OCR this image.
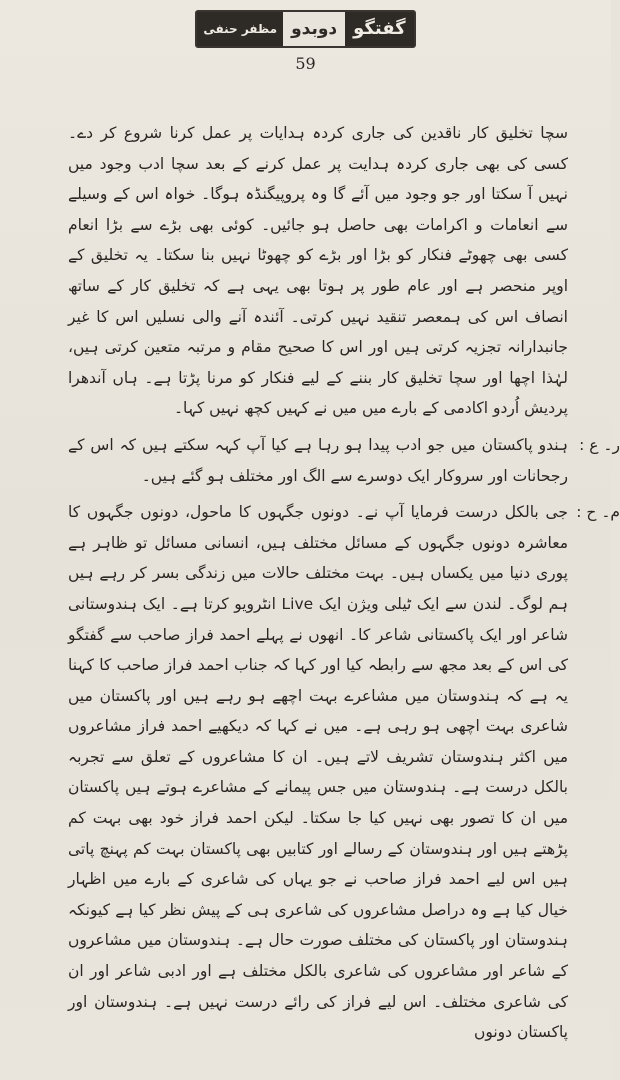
گفتگو
دوبدو
مظفر حنفی
59

سچا تخلیق کار ناقدین کی جاری کردہ ہدایات پر عمل کرنا شروع کر دے۔ کسی کی بھی جاری کردہ ہدایت پر عمل کرنے کے بعد سچا ادب وجود میں نہیں آ سکتا اور جو وجود میں آئے گا وہ پروپیگنڈہ ہوگا۔ خواہ اس کے وسیلے سے انعامات و اکرامات بھی حاصل ہو جائیں۔ کوئی بھی بڑے سے بڑا انعام کسی بھی چھوٹے فنکار کو بڑا اور بڑے کو چھوٹا نہیں بنا سکتا۔ یہ تخلیق کے اوپر منحصر ہے اور عام طور پر ہوتا بھی یہی ہے کہ تخلیق کار کے ساتھ انصاف اس کی ہمعصر تنقید نہیں کرتی۔ آئندہ آنے والی نسلیں اس کا غیر جانبدارانہ تجزیہ کرتی ہیں اور اس کا صحیح مقام و مرتبہ متعین کرتی ہیں، لہٰذا اچھا اور سچا تخلیق کار بننے کے لیے فنکار کو مرنا پڑتا ہے۔ ہاں آندھرا پردیش اُردو اکادمی کے بارے میں میں نے کہیں کچھ نہیں کہا۔

ر۔ ع :

ہندو پاکستان میں جو ادب پیدا ہو رہا ہے کیا آپ کہہ سکتے ہیں کہ اس کے رجحانات اور سروکار ایک دوسرے سے الگ اور مختلف ہو گئے ہیں۔

م۔ ح :

جی بالکل درست فرمایا آپ نے۔ دونوں جگہوں کا ماحول، دونوں جگہوں کا معاشرہ دونوں جگہوں کے مسائل مختلف ہیں، انسانی مسائل تو ظاہر ہے پوری دنیا میں یکساں ہیں۔ بہت مختلف حالات میں زندگی بسر کر رہے ہیں ہم لوگ۔ لندن سے ایک ٹیلی ویژن ایک Live انٹرویو کرتا ہے۔ ایک ہندوستانی شاعر اور ایک پاکستانی شاعر کا۔ انھوں نے پہلے احمد فراز صاحب سے گفتگو کی اس کے بعد مجھ سے رابطہ کیا اور کہا کہ جناب احمد فراز صاحب کا کہنا یہ ہے کہ ہندوستان میں مشاعرے بہت اچھے ہو رہے ہیں اور پاکستان میں شاعری بہت اچھی ہو رہی ہے۔ میں نے کہا کہ دیکھیے احمد فراز مشاعروں میں اکثر ہندوستان تشریف لاتے ہیں۔ ان کا مشاعروں کے تعلق سے تجربہ بالکل درست ہے۔ ہندوستان میں جس پیمانے کے مشاعرے ہوتے ہیں پاکستان میں ان کا تصور بھی نہیں کیا جا سکتا۔ لیکن احمد فراز خود بھی بہت کم پڑھتے ہیں اور ہندوستان کے رسالے اور کتابیں بھی پاکستان بہت کم پہنچ پاتی ہیں اس لیے احمد فراز صاحب نے جو یہاں کی شاعری کے بارے میں اظہار خیال کیا ہے وہ دراصل مشاعروں کی شاعری ہی کے پیش نظر کیا ہے کیونکہ ہندوستان اور پاکستان کی مختلف صورت حال ہے۔ ہندوستان میں مشاعروں کے شاعر اور مشاعروں کی شاعری بالکل مختلف ہے اور ادبی شاعر اور ان کی شاعری مختلف۔ اس لیے فراز کی رائے درست نہیں ہے۔ ہندوستان اور پاکستان دونوں
